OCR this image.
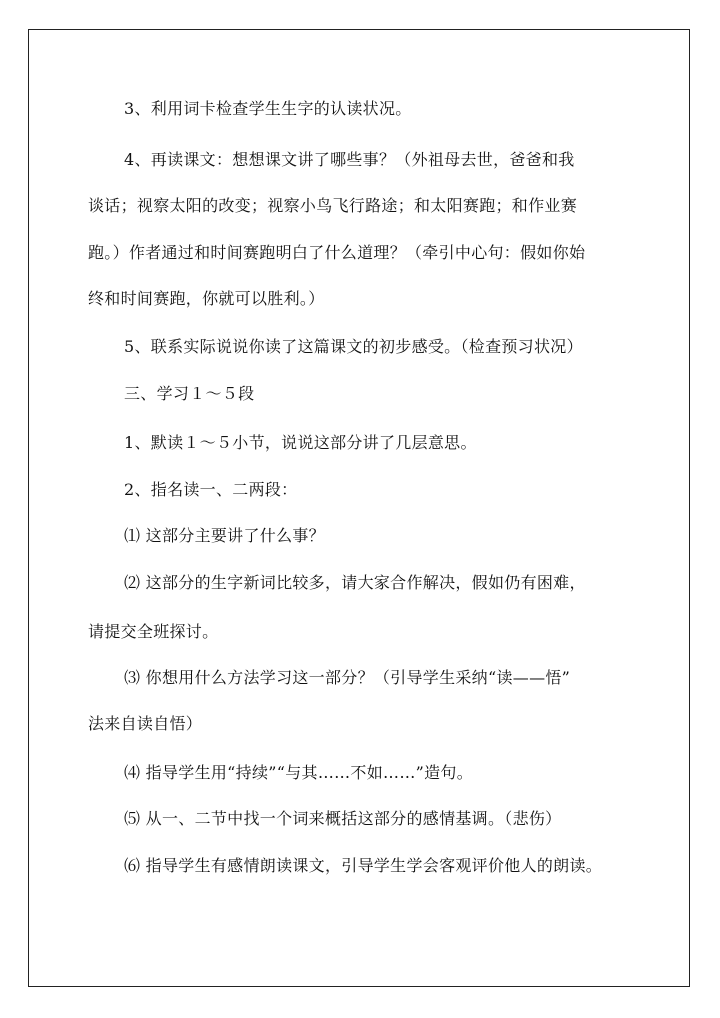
3、利用词卡检查学生生字的认读状况。
4、再读课文：想想课文讲了哪些事？（外祖母去世，爸爸和我
谈话；视察太阳的改变；视察小鸟飞行路途；和太阳赛跑；和作业赛
跑。）作者通过和时间赛跑明白了什么道理？（牵引中心句：假如你始
终和时间赛跑，你就可以胜利。）
5、联系实际说说你读了这篇课文的初步感受。（检查预习状况）
三、学习１～５段
1、默读１～５小节，说说这部分讲了几层意思。
2、指名读一、二两段：
⑴ 这部分主要讲了什么事？
⑵ 这部分的生字新词比较多，请大家合作解决，假如仍有困难，
请提交全班探讨。
⑶ 你想用什么方法学习这一部分？（引导学生采纳“读——悟”
法来自读自悟）
⑷ 指导学生用“持续”“与其……不如……”造句。
⑸ 从一、二节中找一个词来概括这部分的感情基调。（悲伤）
⑹ 指导学生有感情朗读课文，引导学生学会客观评价他人的朗读。
